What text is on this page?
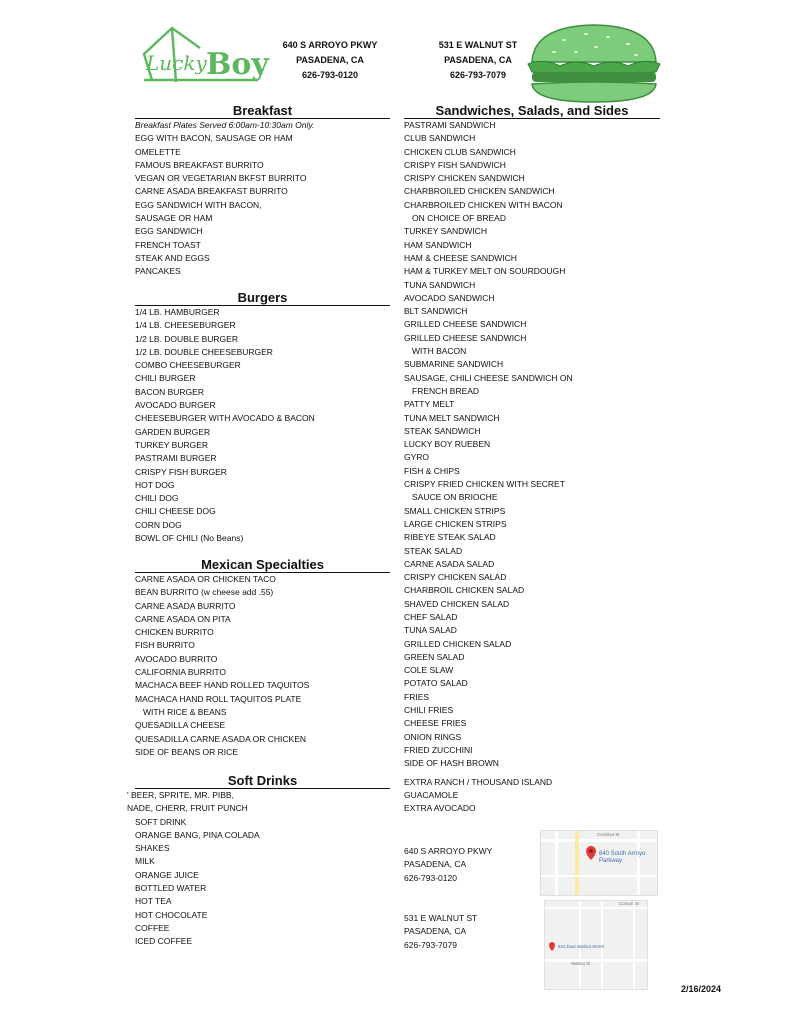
Lucky Boy
640 S ARROYO PKWY
PASADENA, CA
626-793-0120
531 E WALNUT ST
PASADENA, CA
626-793-7079
Breakfast
Breakfast Plates Served 6:00am-10:30am Only.
EGG WITH BACON, SAUSAGE OR HAM
OMELETTE
FAMOUS BREAKFAST BURRITO
VEGAN OR VEGETARIAN BKFST BURRITO
CARNE ASADA BREAKFAST BURRITO
EGG SANDWICH WITH BACON,
SAUSAGE OR HAM
EGG SANDWICH
FRENCH TOAST
STEAK AND EGGS
PANCAKES
Burgers
1/4 LB. HAMBURGER
1/4 LB. CHEESEBURGER
1/2 LB. DOUBLE BURGER
1/2 LB. DOUBLE CHEESEBURGER
COMBO CHEESEBURGER
CHILI BURGER
BACON BURGER
AVOCADO BURGER
CHEESEBURGER WITH AVOCADO & BACON
GARDEN BURGER
TURKEY BURGER
PASTRAMI BURGER
CRISPY FISH BURGER
HOT DOG
CHILI DOG
CHILI CHEESE DOG
CORN DOG
BOWL OF CHILI (No Beans)
Mexican Specialties
CARNE ASADA OR CHICKEN TACO
BEAN BURRITO (w cheese add .55)
CARNE ASADA BURRITO
CARNE ASADA ON PITA
CHICKEN BURRITO
FISH BURRITO
AVOCADO BURRITO
CALIFORNIA BURRITO
MACHACA BEEF HAND ROLLED TAQUITOS
MACHACA HAND ROLL TAQUITOS PLATE
WITH RICE & BEANS
QUESADILLA CHEESE
QUESADILLA CARNE ASADA OR CHICKEN
SIDE OF BEANS OR RICE
Soft Drinks
' BEER, SPRITE, MR. PIBB,
NADE, CHERR, FRUIT PUNCH
SOFT DRINK
ORANGE BANG, PINA COLADA
SHAKES
MILK
ORANGE JUICE
BOTTLED WATER
HOT TEA
HOT CHOCOLATE
COFFEE
ICED COFFEE
Sandwiches, Salads, and Sides
PASTRAMI SANDWICH
CLUB SANDWICH
CHICKEN CLUB SANDWICH
CRISPY FISH SANDWICH
CRISPY CHICKEN SANDWICH
CHARBROILED CHICKEN SANDWICH
CHARBROILED CHICKEN WITH BACON
ON CHOICE OF BREAD
TURKEY SANDWICH
HAM SANDWICH
HAM & CHEESE SANDWICH
HAM & TURKEY MELT ON SOURDOUGH
TUNA SANDWICH
AVOCADO SANDWICH
BLT SANDWICH
GRILLED CHEESE SANDWICH
GRILLED CHEESE SANDWICH
WITH BACON
SUBMARINE SANDWICH
SAUSAGE, CHILI CHEESE SANDWICH ON
FRENCH BREAD
PATTY MELT
TUNA MELT SANDWICH
STEAK SANDWICH
LUCKY BOY RUEBEN
GYRO
FISH & CHIPS
CRISPY FRIED CHICKEN WITH SECRET
SAUCE ON BRIOCHE
SMALL CHICKEN STRIPS
LARGE CHICKEN STRIPS
RIBEYE STEAK SALAD
STEAK SALAD
CARNE ASADA SALAD
CRISPY CHICKEN SALAD
CHARBROIL CHICKEN SALAD
SHAVED CHICKEN SALAD
CHEF SALAD
TUNA SALAD
GRILLED CHICKEN SALAD
GREEN SALAD
COLE SLAW
POTATO SALAD
FRIES
CHILI FRIES
CHEESE FRIES
ONION RINGS
FRIED ZUCCHINI
SIDE OF HASH BROWN
EXTRA RANCH / THOUSAND ISLAND
GUACAMOLE
EXTRA AVOCADO
640 S ARROYO PKWY
PASADENA, CA
626-793-0120
531 E WALNUT ST
PASADENA, CA
626-793-7079
640 South Arroyo Parkway
Cordova St
531 East Walnut Street
Corson St
Walnut St
2/16/2024
